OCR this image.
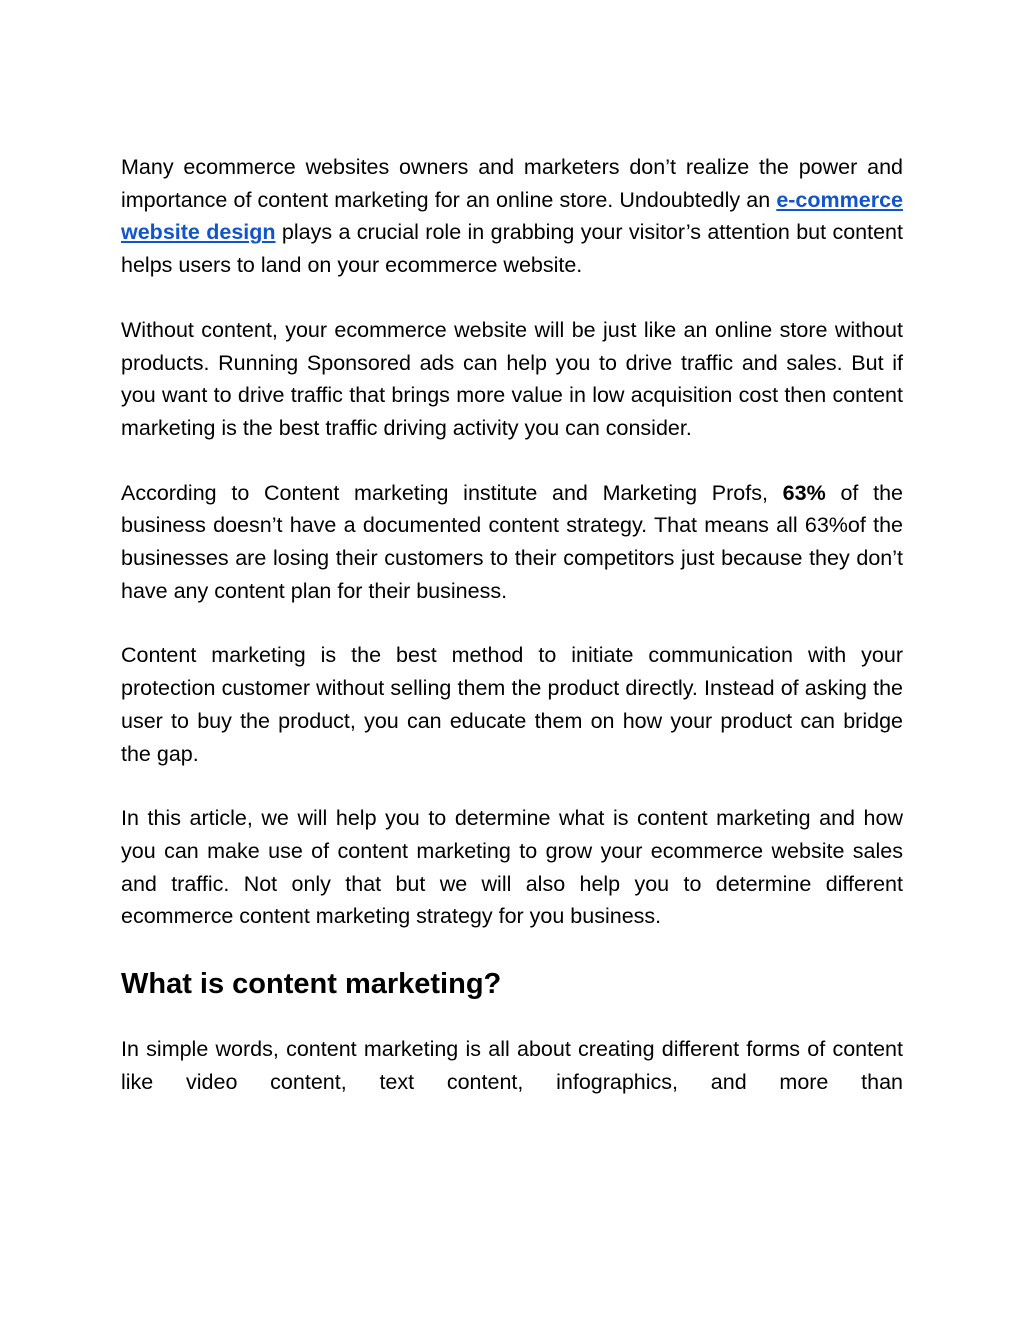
Many ecommerce websites owners and marketers don’t realize the power and importance of content marketing for an online store. Undoubtedly an e-commerce website design plays a crucial role in grabbing your visitor’s attention but content helps users to land on your ecommerce website.

Without content, your ecommerce website will be just like an online store without products. Running Sponsored ads can help you to drive traffic and sales. But if you want to drive traffic that brings more value in low acquisition cost then content marketing is the best traffic driving activity you can consider.

According to Content marketing institute and Marketing Profs, 63% of the business doesn’t have a documented content strategy. That means all 63%of the businesses are losing their customers to their competitors just because they don’t have any content plan for their business.

Content marketing is the best method to initiate communication with your protection customer without selling them the product directly. Instead of asking the user to buy the product, you can educate them on how your product can bridge the gap.

In this article, we will help you to determine what is content marketing and how you can make use of content marketing to grow your ecommerce website sales and traffic. Not only that but we will also help you to determine different ecommerce content marketing strategy for you business.

What is content marketing?

In simple words, content marketing is all about creating different forms of content like video content, text content, infographics, and more than
